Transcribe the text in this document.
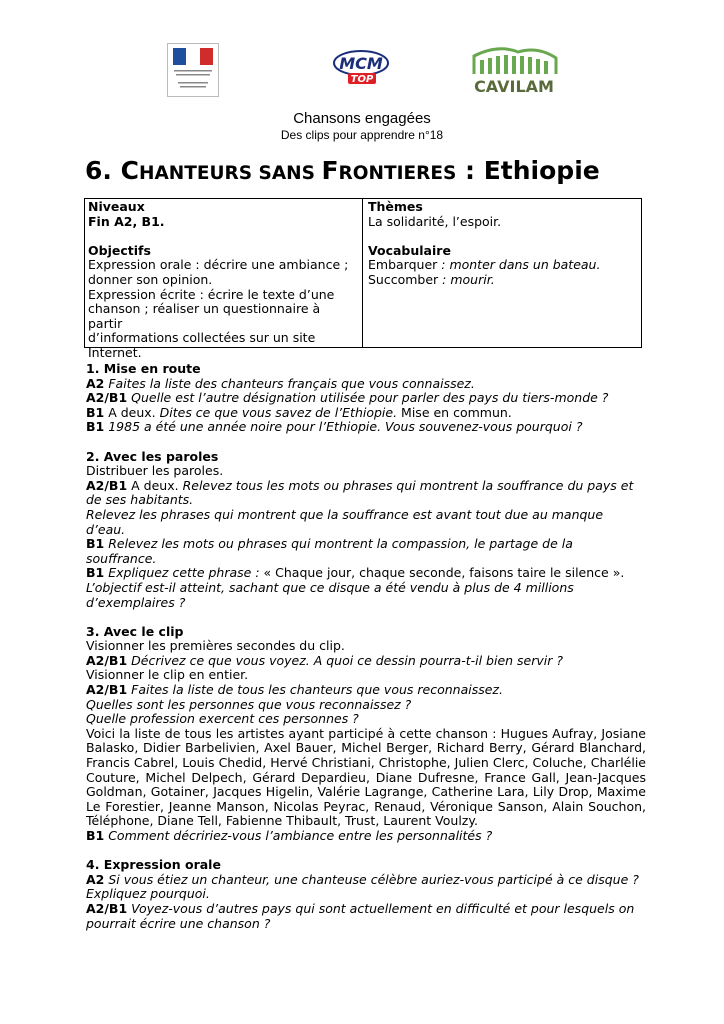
MCM
TOP	CAVILAM
Chansons engagées
Des clips pour apprendre n°18
6. CHANTEURS SANS FRONTIERES : Ethiopie
Niveaux
Fin A2, B1.
Objectifs
Expression orale : décrire une ambiance ;
donner son opinion.
Expression écrite : écrire le texte d’une
chanson ; réaliser un questionnaire à partir
d’informations collectées sur un site
Internet.
Thèmes
La solidarité, l’espoir.
Vocabulaire
Embarquer : monter dans un bateau.
Succomber : mourir.

1. Mise en route

A2 Faites la liste des chanteurs français que vous connaissez.

A2/B1 Quelle est l’autre désignation utilisée pour parler des pays du tiers-monde ?

B1 A deux. Dites ce que vous savez de l’Ethiopie. Mise en commun.

B1 1985 a été une année noire pour l’Ethiopie. Vous souvenez-vous pourquoi ?

2. Avec les paroles

Distribuer les paroles.

A2/B1 A deux. Relevez tous les mots ou phrases qui montrent la souffrance du pays et de ses habitants.

Relevez les phrases qui montrent que la souffrance est avant tout due au manque d’eau.

B1 Relevez les mots ou phrases qui montrent la compassion, le partage de la souffrance.

B1 Expliquez cette phrase : « Chaque jour, chaque seconde, faisons taire le silence ».

L’objectif est-il atteint, sachant que ce disque a été vendu à plus de 4 millions d’exemplaires ?

3. Avec le clip

Visionner les premières secondes du clip.

A2/B1 Décrivez ce que vous voyez. A quoi ce dessin pourra-t-il bien servir ?

Visionner le clip en entier.

A2/B1 Faites la liste de tous les chanteurs que vous reconnaissez.

Quelles sont les personnes que vous reconnaissez ?

Quelle profession exercent ces personnes ?

Voici la liste de tous les artistes ayant participé à cette chanson : Hugues Aufray, Josiane Balasko, Didier Barbelivien, Axel Bauer, Michel Berger, Richard Berry, Gérard Blanchard, Francis Cabrel, Louis Chedid, Hervé Christiani, Christophe, Julien Clerc, Coluche, Charlélie Couture, Michel Delpech, Gérard Depardieu, Diane Dufresne, France Gall, Jean-Jacques Goldman, Gotainer, Jacques Higelin, Valérie Lagrange, Catherine Lara, Lily Drop, Maxime Le Forestier, Jeanne Manson, Nicolas Peyrac, Renaud, Véronique Sanson, Alain Souchon, Téléphone, Diane Tell, Fabienne Thibault, Trust, Laurent Voulzy.

B1 Comment décririez-vous l’ambiance entre les personnalités ?

4. Expression orale

A2 Si vous étiez un chanteur, une chanteuse célèbre auriez-vous participé à ce disque ? Expliquez pourquoi.

A2/B1 Voyez-vous d’autres pays qui sont actuellement en difficulté et pour lesquels on pourrait écrire une chanson ?
